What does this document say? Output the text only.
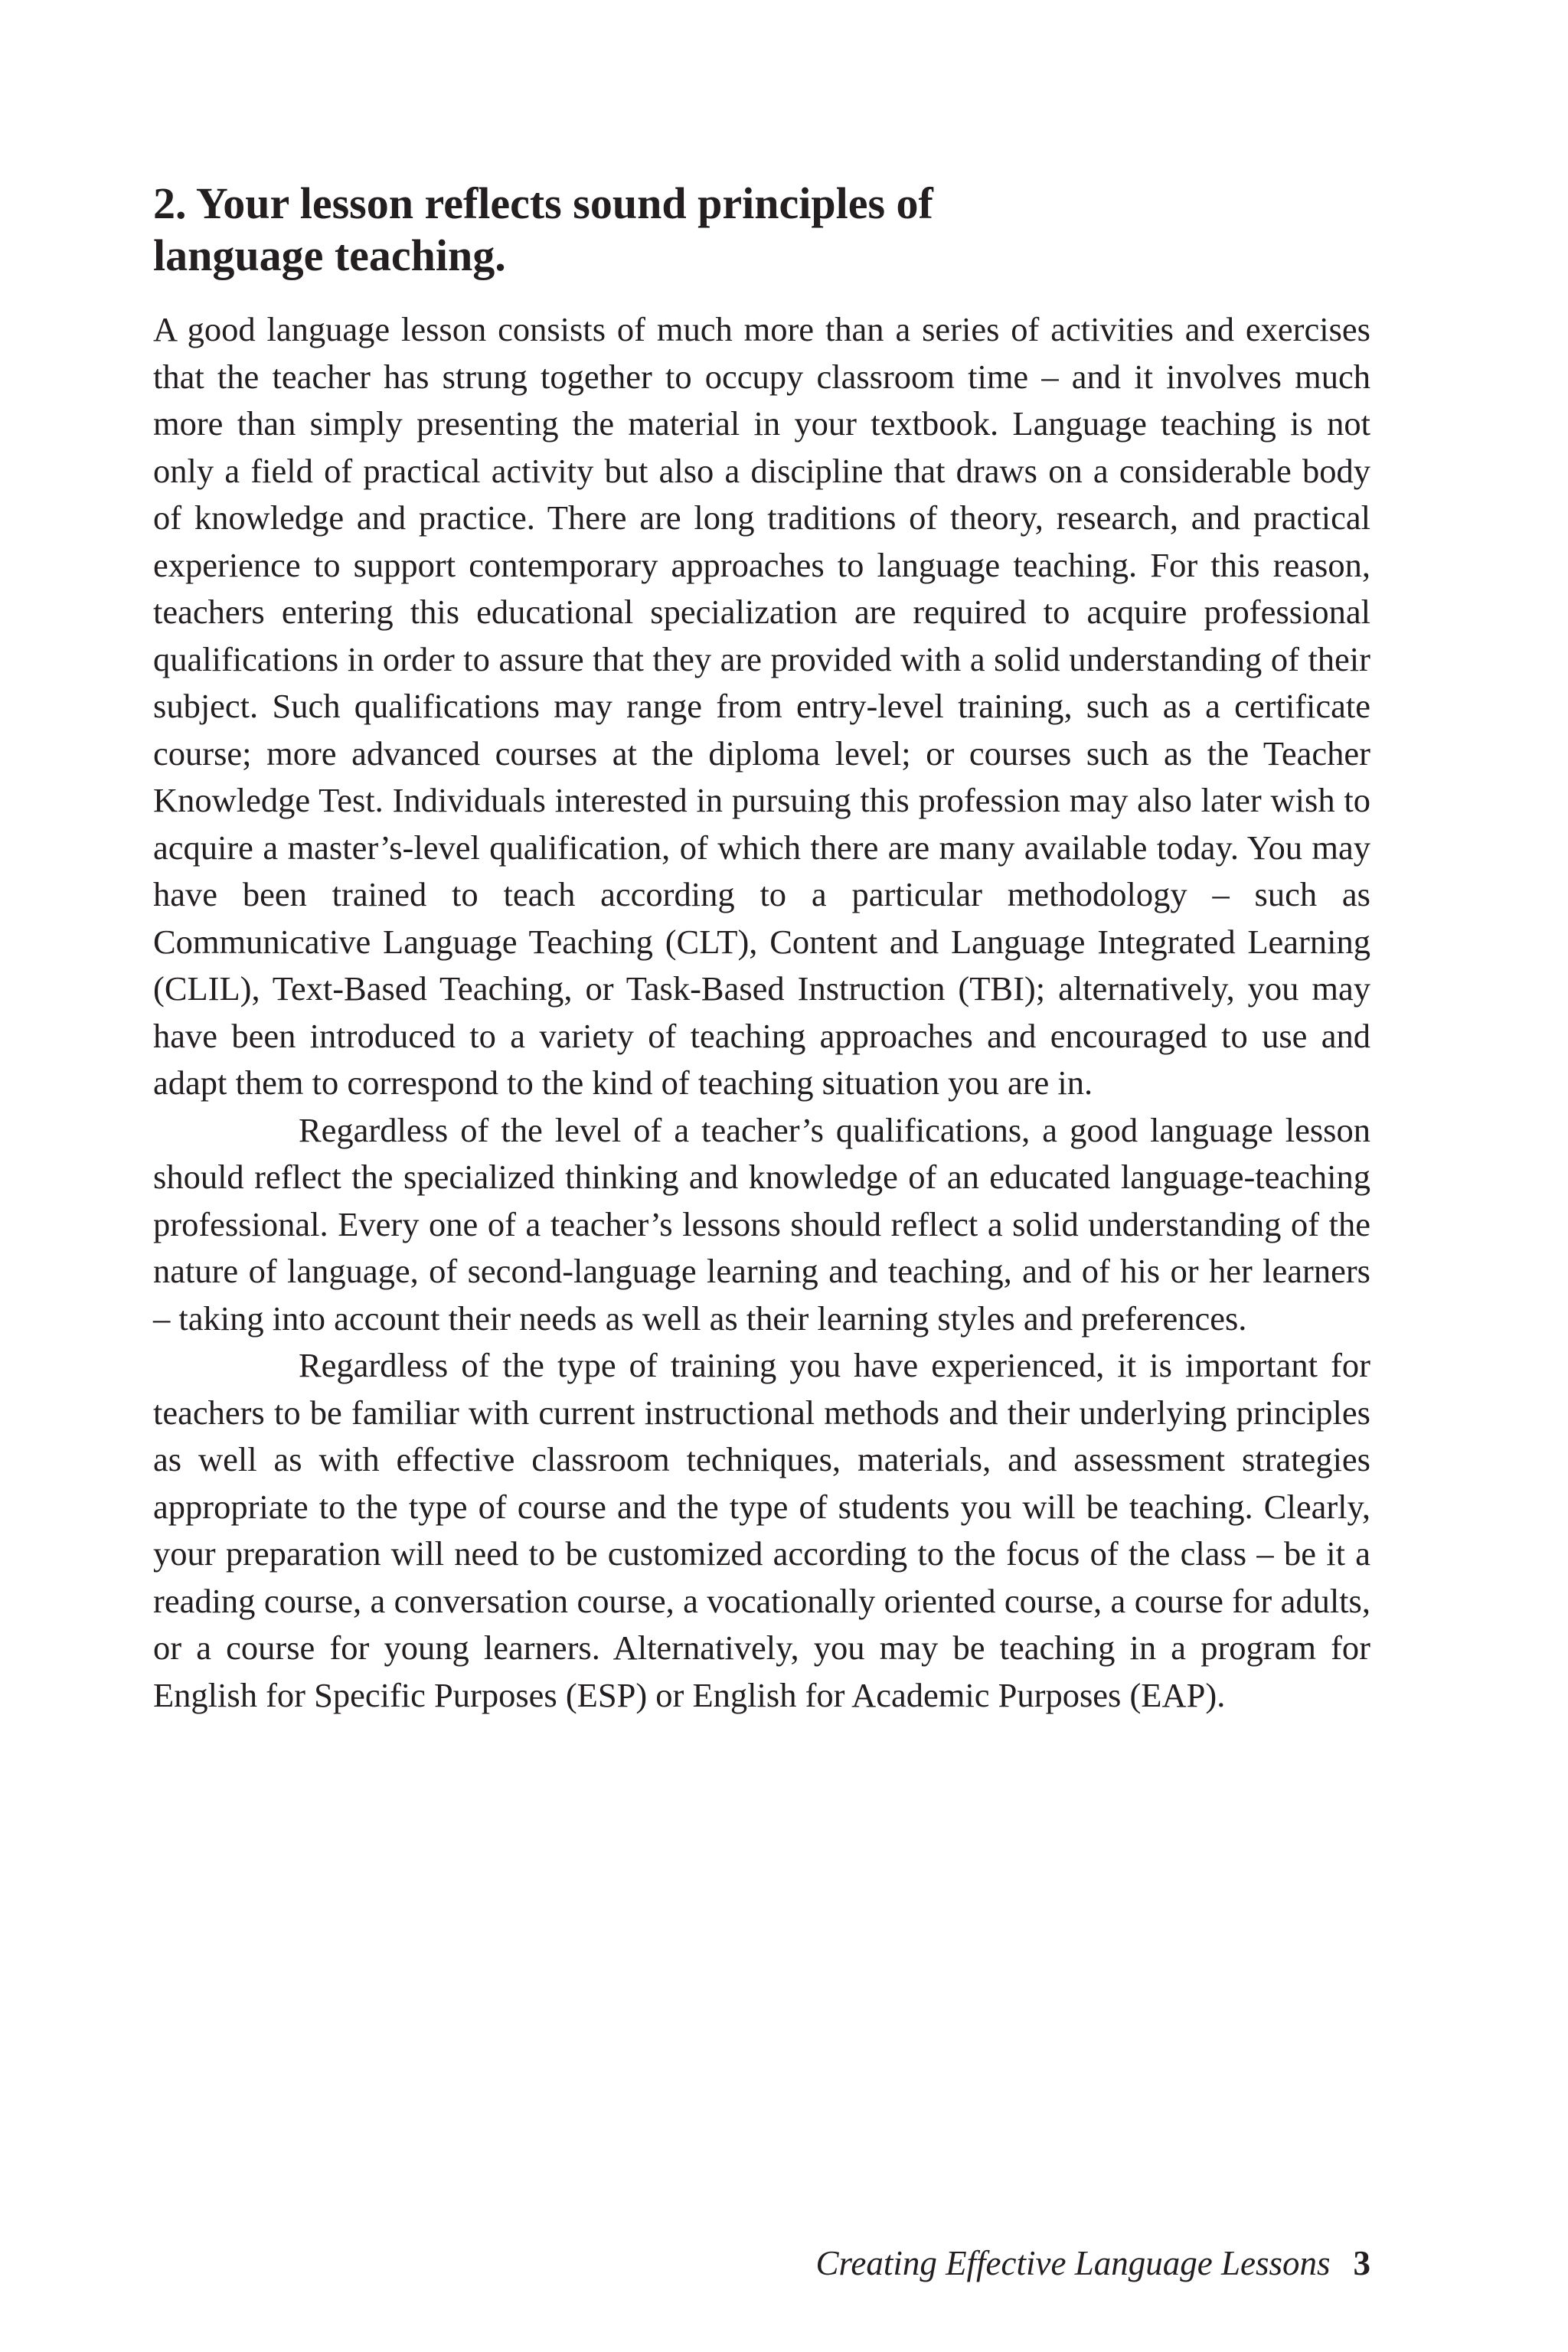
2. Your lesson reflects sound principles of
language teaching.

A good language lesson consists of much more than a series of activities and exercises that the teacher has strung together to occupy classroom time – and it involves much more than simply presenting the material in your textbook. Language teaching is not only a field of practical activity but also a discipline that draws on a considerable body of knowledge and practice. There are long traditions of theory, research, and practical experience to support contemporary approaches to language teaching. For this reason, teachers entering this educational specialization are required to acquire professional qualifications in order to assure that they are provided with a solid understanding of their subject. Such qualifications may range from entry-level training, such as a certificate course; more advanced courses at the diploma level; or courses such as the Teacher Knowledge Test. Individuals interested in pursuing this profession may also later wish to acquire a master’s-level qualification, of which there are many available today. You may have been trained to teach according to a particular methodology – such as Communicative Language Teaching (CLT), Content and Language Integrated Learning (CLIL), Text-Based Teaching, or Task-Based Instruction (TBI); alternatively, you may have been introduced to a variety of teaching approaches and encouraged to use and adapt them to correspond to the kind of teaching situation you are in.

Regardless of the level of a teacher’s qualifications, a good language lesson should reflect the specialized thinking and knowledge of an educated language-teaching professional. Every one of a teacher’s lessons should reflect a solid understanding of the nature of language, of second-language learning and teaching, and of his or her learners – taking into account their needs as well as their learning styles and preferences.

Regardless of the type of training you have experienced, it is important for teachers to be familiar with current instructional methods and their underlying principles as well as with effective classroom techniques, materials, and assessment strategies appropriate to the type of course and the type of students you will be teaching. Clearly, your preparation will need to be customized according to the focus of the class – be it a reading course, a conversation course, a vocationally oriented course, a course for adults, or a course for young learners. Alternatively, you may be teaching in a program for English for Specific Purposes (ESP) or English for Academic Purposes (EAP).

Creating Effective Language Lessons 3
